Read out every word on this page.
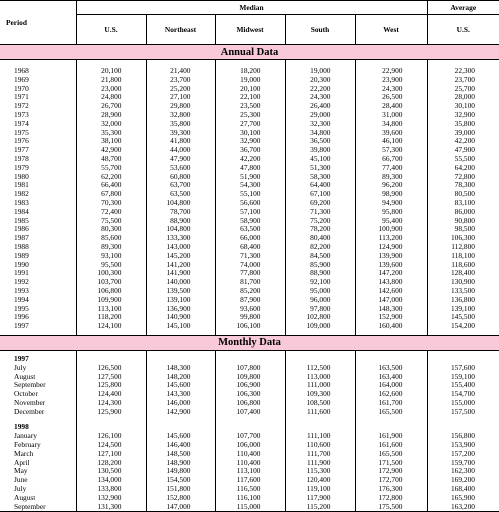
Period	Median					Average
	U.S.	Northeast	Midwest	South	West	U.S.
Annual Data						

1968	20,100	21,400	18,200	19,000	22,900	22,300
1969	21,800	23,700	19,000	20,300	23,900	23,700
1970	23,000	25,200	20,100	22,200	24,300	25,700
1971	24,800	27,100	22,100	24,300	26,500	28,000
1972	26,700	29,800	23,500	26,400	28,400	30,100
1973	28,900	32,800	25,300	29,000	31,000	32,900
1974	32,000	35,800	27,700	32,300	34,800	35,800
1975	35,300	39,300	30,100	34,800	39,600	39,000
1976	38,100	41,800	32,900	36,500	46,100	42,200
1977	42,900	44,000	36,700	39,800	57,300	47,900
1978	48,700	47,900	42,200	45,100	66,700	55,500
1979	55,700	53,600	47,800	51,300	77,400	64,200
1980	62,200	60,800	51,900	58,300	89,300	72,800
1981	66,400	63,700	54,300	64,400	96,200	78,300
1982	67,800	63,500	55,100	67,100	98,900	80,500
1983	70,300	104,800	56,600	69,200	94,900	83,100
1984	72,400	78,700	57,100	71,300	95,800	86,000
1985	75,500	88,900	58,900	75,200	95,400	90,800
1986	80,300	104,800	63,500	78,200	100,900	98,500
1987	85,600	133,300	66,000	80,400	113,200	106,300
1988	89,300	143,000	68,400	82,200	124,900	112,800
1989	93,100	145,200	71,300	84,500	139,900	118,100
1990	95,500	141,200	74,000	85,900	139,600	118,600
1991	100,300	141,900	77,800	88,900	147,200	128,400
1992	103,700	140,000	81,700	92,100	143,800	130,900
1993	106,800	139,500	85,200	95,000	142,600	133,500
1994	109,900	139,100	87,900	96,000	147,000	136,800
1995	113,100	136,900	93,600	97,800	148,300	139,100
1996	118,200	140,900	99,800	102,800	152,900	145,500
1997	124,100	145,100	106,100	109,000	160,400	154,200

Monthly Data						

1997						
July	126,500	148,300	107,800	112,500	163,500	157,600
August	127,500	148,200	109,800	113,000	163,400	159,100
September	125,800	145,600	106,900	111,000	164,000	155,400
October	124,400	143,300	106,300	109,300	162,600	154,700
November	124,300	146,000	106,800	108,500	161,700	155,000
December	125,900	142,900	107,400	111,600	165,500	157,500

1998						
January	126,100	145,600	107,700	111,100	161,900	156,800
February	124,500	146,400	106,000	110,600	161,600	153,900
March	127,100	148,500	110,400	111,700	165,500	157,200
April	128,200	148,900	110,400	111,900	171,500	159,700
May	130,500	149,800	113,100	115,300	172,900	162,300
June	134,000	154,500	117,600	120,400	172,700	169,200
July	133,800	151,800	116,500	119,100	176,300	168,400
August	132,900	152,800	116,100	117,900	172,800	165,900
September	131,300	147,000	115,000	115,200	175,500	163,200
